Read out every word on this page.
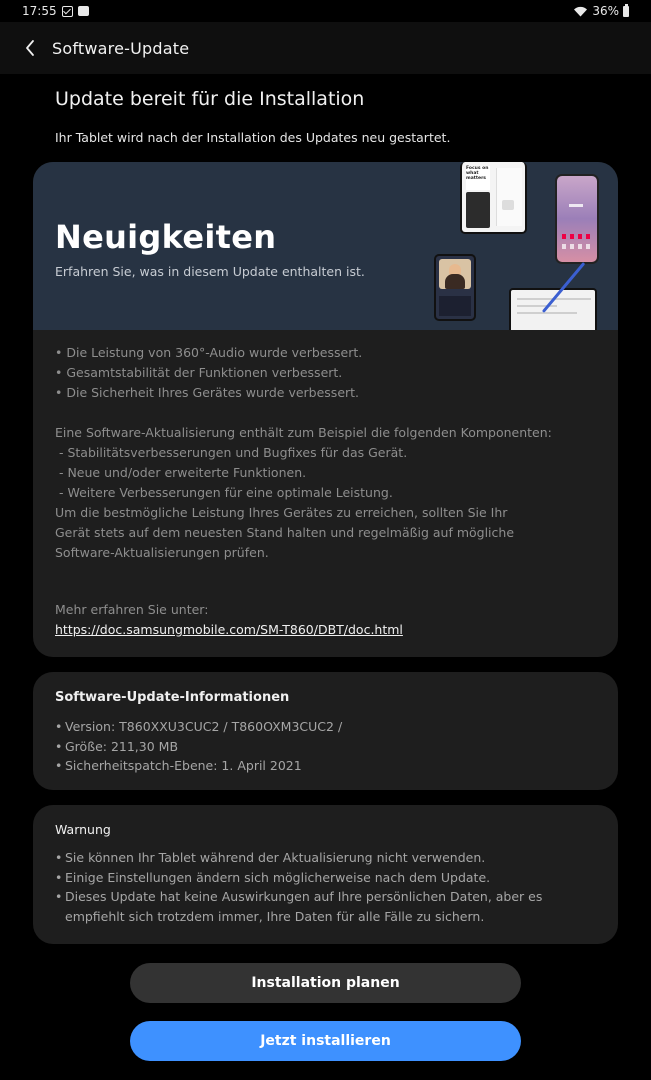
17:55	36%
Software-Update
Update bereit für die Installation
Ihr Tablet wird nach der Installation des Updates neu gestartet.
Neuigkeiten
Erfahren Sie, was in diesem Update enthalten ist.
Focus on what matters
• Die Leistung von 360°-Audio wurde verbessert.
• Gesamtstabilität der Funktionen verbessert.
• Die Sicherheit Ihres Gerätes wurde verbessert.
Eine Software-Aktualisierung enthält zum Beispiel die folgenden Komponenten:
- Stabilitätsverbesserungen und Bugfixes für das Gerät.
- Neue und/oder erweiterte Funktionen.
- Weitere Verbesserungen für eine optimale Leistung.
Um die bestmögliche Leistung Ihres Gerätes zu erreichen, sollten Sie Ihr
Gerät stets auf dem neuesten Stand halten und regelmäßig auf mögliche
Software-Aktualisierungen prüfen.
Mehr erfahren Sie unter:
https://doc.samsungmobile.com/SM-T860/DBT/doc.html
Software-Update-Informationen
• Version: T860XXU3CUC2 / T860OXM3CUC2 /
• Größe: 211,30 MB
• Sicherheitspatch-Ebene: 1. April 2021
Warnung
• Sie können Ihr Tablet während der Aktualisierung nicht verwenden.
• Einige Einstellungen ändern sich möglicherweise nach dem Update.
• Dieses Update hat keine Auswirkungen auf Ihre persönlichen Daten, aber es empfiehlt sich trotzdem immer, Ihre Daten für alle Fälle zu sichern.
Installation planen
Jetzt installieren
